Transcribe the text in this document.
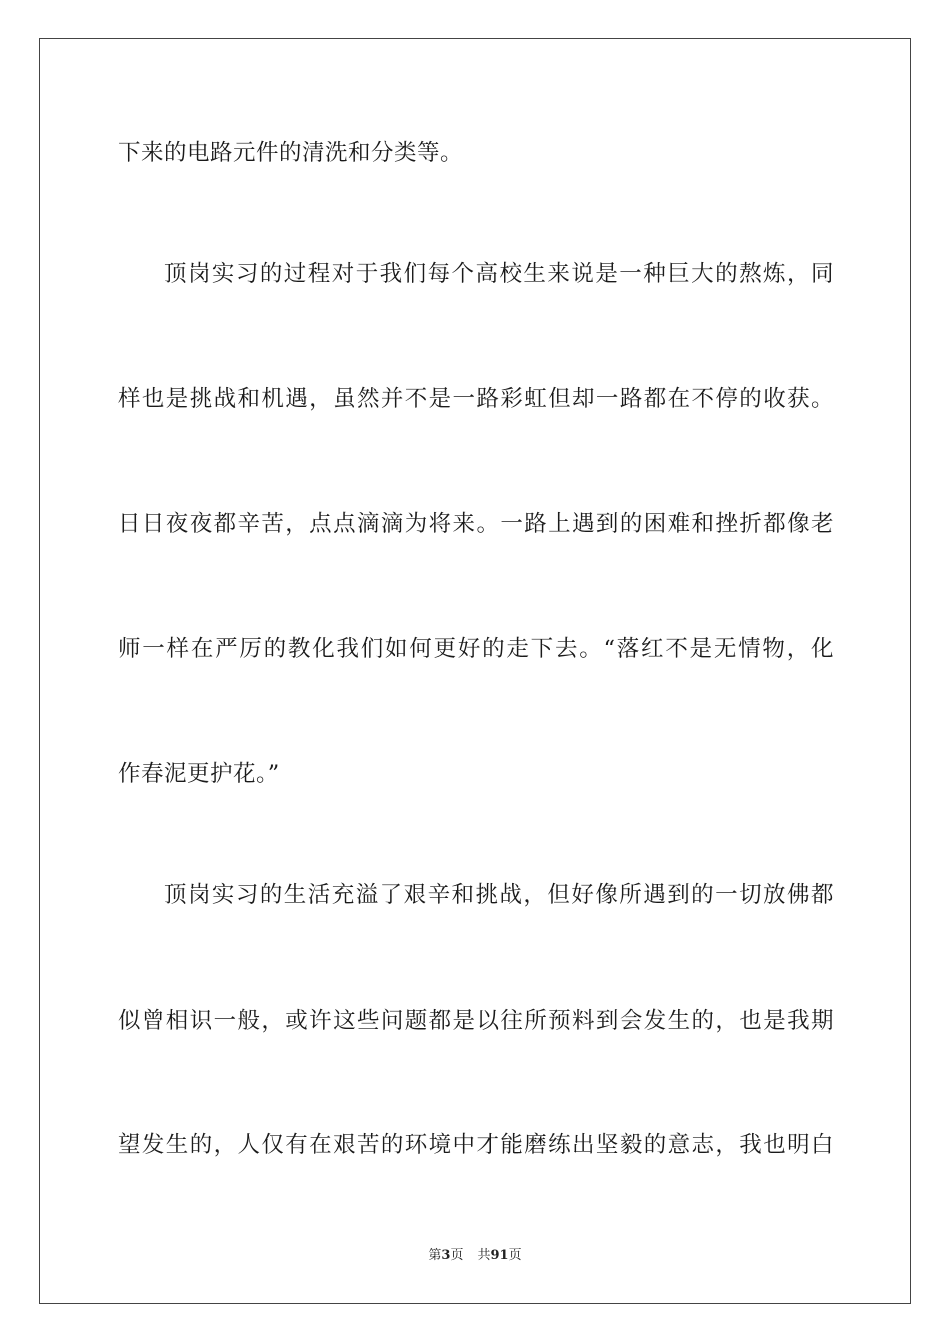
下来的电路元件的清洗和分类等。
顶岗实习的过程对于我们每个高校生来说是一种巨大的熬炼，同
样也是挑战和机遇，虽然并不是一路彩虹但却一路都在不停的收获。
日日夜夜都辛苦，点点滴滴为将来。一路上遇到的困难和挫折都像老
师一样在严厉的教化我们如何更好的走下去。“落红不是无情物，化
作春泥更护花。”
顶岗实习的生活充溢了艰辛和挑战，但好像所遇到的一切放佛都
似曾相识一般，或许这些问题都是以往所预料到会发生的，也是我期
望发生的，人仅有在艰苦的环境中才能磨练出坚毅的意志，我也明白
第3页 共91页
